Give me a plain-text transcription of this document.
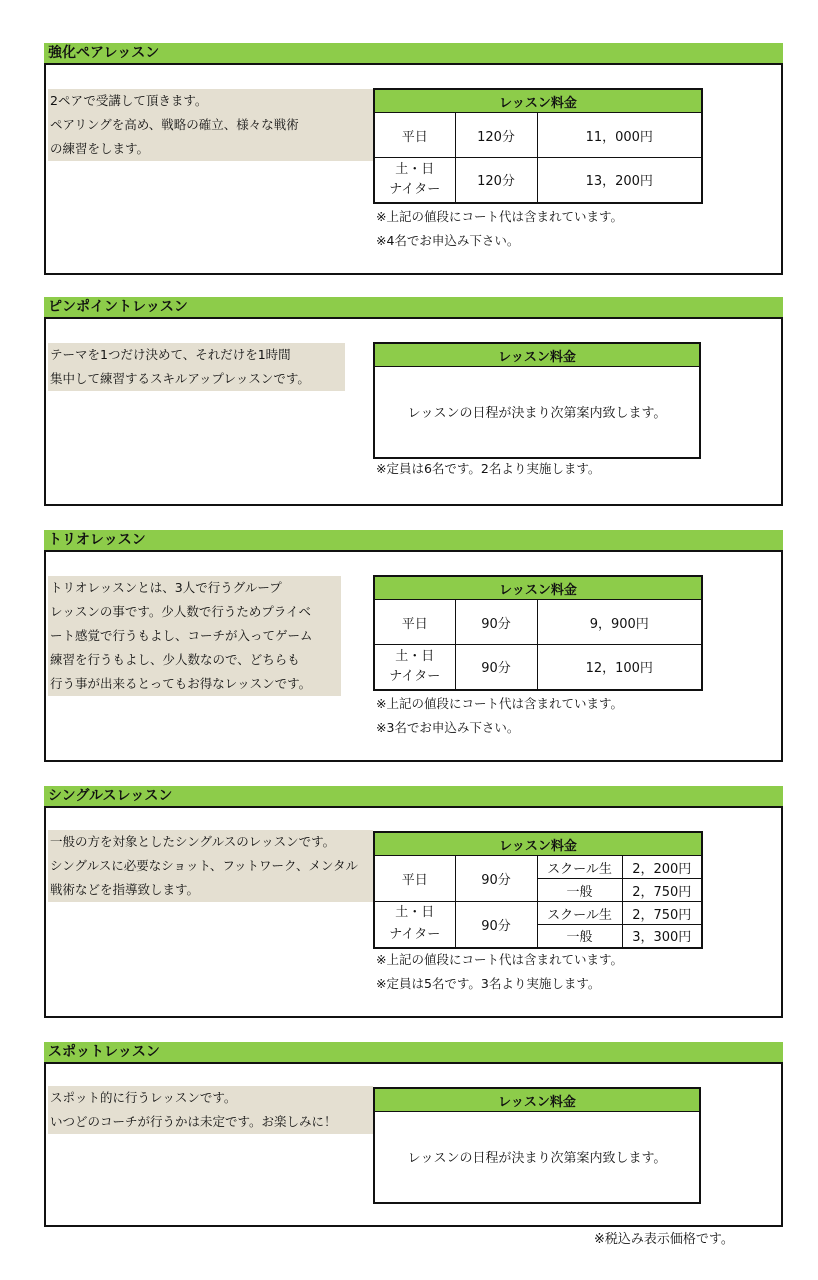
強化ペアレッスン
2ペアで受講して頂きます。
ペアリングを高め、戦略の確立、様々な戦術
の練習をします。
レッスン料金		
平日	120分	11，000円
土・日
ナイター	120分	13，200円
※上記の値段にコート代は含まれています。
※4名でお申込み下さい。
ピンポイントレッスン
テーマを1つだけ決めて、それだけを1時間
集中して練習するスキルアップレッスンです。
レッスン料金
レッスンの日程が決まり次第案内致します。
※定員は6名です。2名より実施します。
トリオレッスン
トリオレッスンとは、3人で行うグループ
レッスンの事です。少人数で行うためプライベ
ート感覚で行うもよし、コーチが入ってゲーム
練習を行うもよし、少人数なので、どちらも
行う事が出来るとってもお得なレッスンです。
レッスン料金		
平日	90分	9，900円
土・日
ナイター	90分	12，100円
※上記の値段にコート代は含まれています。
※3名でお申込み下さい。
シングルスレッスン
一般の方を対象としたシングルスのレッスンです。
シングルスに必要なショット、フットワーク、メンタル
戦術などを指導致します。
レッスン料金			
平日	90分	スクール生	2，200円
		一般	2，750円
土・日
ナイター	90分	スクール生	2，750円
		一般	3，300円
※上記の値段にコート代は含まれています。
※定員は5名です。3名より実施します。
スポットレッスン
スポット的に行うレッスンです。
いつどのコーチが行うかは未定です。お楽しみに！
レッスン料金
レッスンの日程が決まり次第案内致します。
※税込み表示価格です。
